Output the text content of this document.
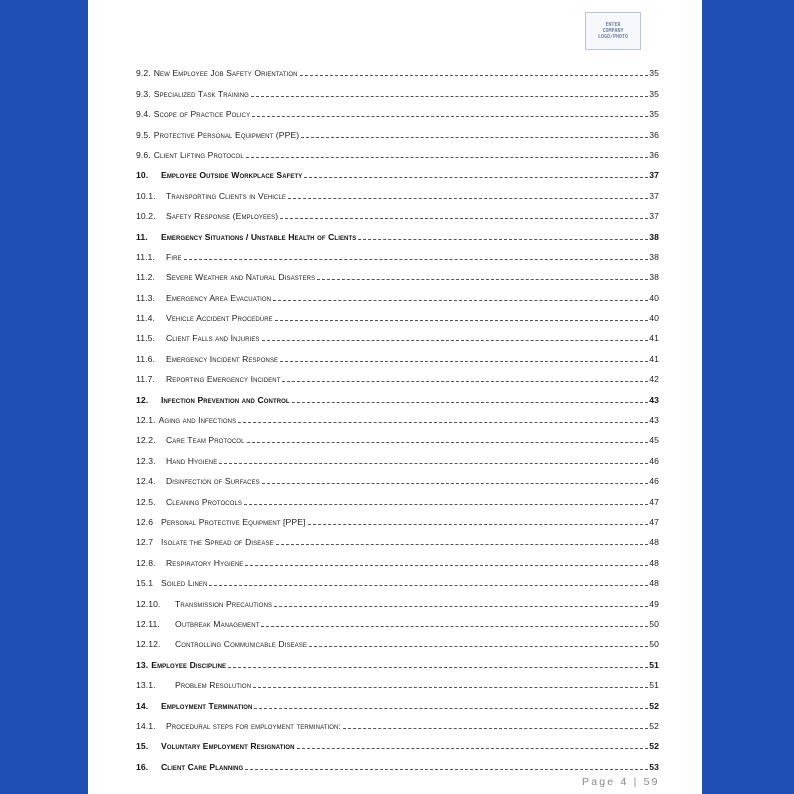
ENTER
COMPANY
LOGO/PHOTO
9.2. New Employee Job Safety Orientation	35
9.3. Specialized Task Training	35
9.4. Scope of Practice Policy	35
9.5. Protective Personal Equipment (PPE)	36
9.6. Client Lifting Protocol	36
10.	Employee Outside Workplace Safety	37
10.1.	Transporting Clients in Vehicle	37
10.2.	Safety Response (Employees)	37
11.	Emergency Situations / Unstable Health of Clients	38
11.1.	Fire	38
11.2.	Severe Weather and Natural Disasters	38
11.3.	Emergency Area Evacuation	40
11.4.	Vehicle Accident Procedure	40
11.5.	Client Falls and Injuries	41
11.6.	Emergency Incident Response	41
11.7.	Reporting Emergency Incident	42
12.	Infection Prevention and Control	43
12.1. Aging and Infections	43
12.2.	Care Team Protocol	45
12.3.	Hand Hygiene	46
12.4.	Disinfection of Surfaces	46
12.5.	Cleaning Protocols	47
12.6 Personal Protective Equipment [PPE]	47
12.7 Isolate the Spread of Disease	48
12.8.	Respiratory Hygiene	48
15.1 Soiled Linen	48
12.10.	Transmission Precautions	49
12.11.	Outbreak Management	50
12.12.	Controlling Communicable Disease	50
13. Employee Discipline	51
13.1.	Problem Resolution	51
14.	Employment Termination	52
14.1.	Procedural steps for employment termination:	52
15.	Voluntary Employment Resignation	52
16.	Client Care Planning	53
Page 4 | 59
